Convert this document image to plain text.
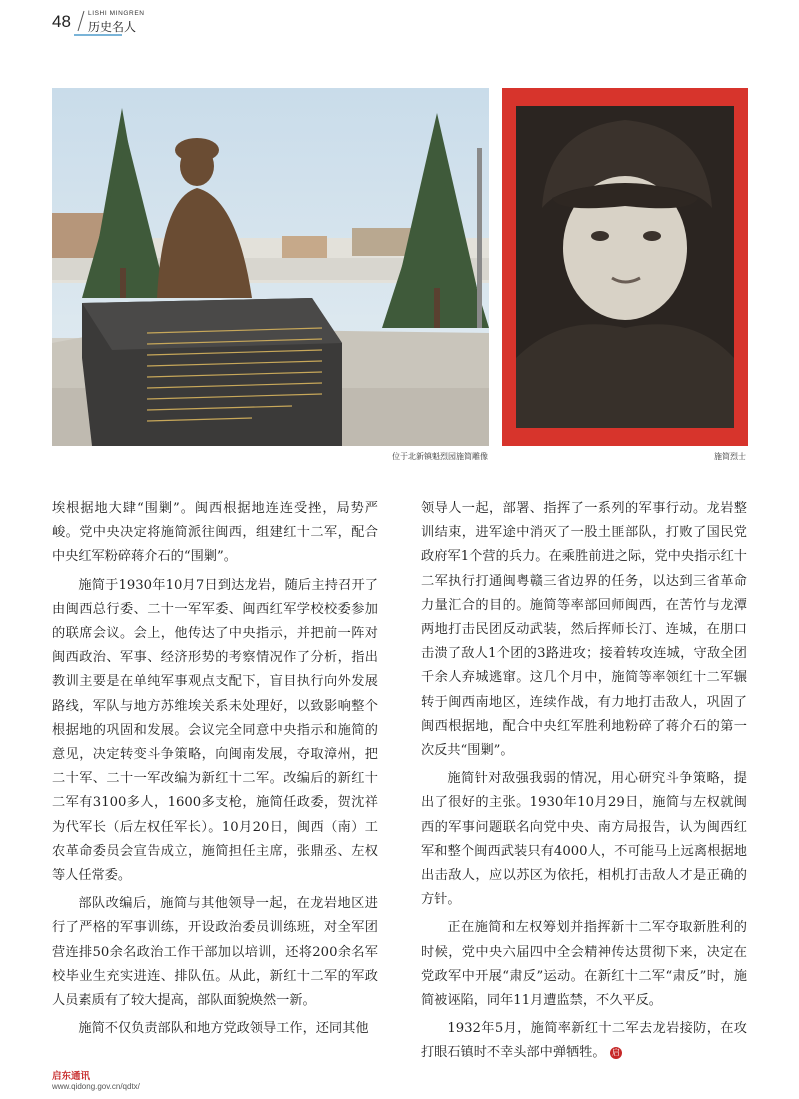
48	LISHI MINGREN
历史名人
位于北新镇魁烈园施简雕像	施简烈士

埃根据地大肆“围剿”。闽西根据地连连受挫，局势严峻。党中央决定将施简派往闽西，组建红十二军，配合中央红军粉碎蒋介石的“围剿”。

施简于1930年10月7日到达龙岩，随后主持召开了由闽西总行委、二十一军军委、闽西红军学校校委参加的联席会议。会上，他传达了中央指示，并把前一阵对闽西政治、军事、经济形势的考察情况作了分析，指出教训主要是在单纯军事观点支配下，盲目执行向外发展路线，军队与地方苏维埃关系未处理好，以致影响整个根据地的巩固和发展。会议完全同意中央指示和施简的意见，决定转变斗争策略，向闽南发展，夺取漳州，把二十军、二十一军改编为新红十二军。改编后的新红十二军有3100多人，1600多支枪，施简任政委，贺沈祥为代军长（后左权任军长）。10月20日，闽西（南）工农革命委员会宣告成立，施简担任主席，张鼎丞、左权等人任常委。

部队改编后，施简与其他领导一起，在龙岩地区进行了严格的军事训练，开设政治委员训练班，对全军团营连排50余名政治工作干部加以培训，还将200余名军校毕业生充实进连、排队伍。从此，新红十二军的军政人员素质有了较大提高，部队面貌焕然一新。

施简不仅负责部队和地方党政领导工作，还同其他

领导人一起，部署、指挥了一系列的军事行动。龙岩整训结束，进军途中消灭了一股土匪部队，打败了国民党政府军1个营的兵力。在乘胜前进之际，党中央指示红十二军执行打通闽粤赣三省边界的任务，以达到三省革命力量汇合的目的。施简等率部回师闽西，在苦竹与龙潭两地打击民团反动武装，然后挥师长汀、连城，在朋口击溃了敌人1个团的3路进攻；接着转攻连城，守敌全团千余人弃城逃窜。这几个月中，施简等率领红十二军辗转于闽西南地区，连续作战，有力地打击敌人，巩固了闽西根据地，配合中央红军胜利地粉碎了蒋介石的第一次反共“围剿”。

施简针对敌强我弱的情况，用心研究斗争策略，提出了很好的主张。1930年10月29日，施简与左权就闽西的军事问题联名向党中央、南方局报告，认为闽西红军和整个闽西武装只有4000人，不可能马上远离根据地出击敌人，应以苏区为依托，相机打击敌人才是正确的方针。

正在施简和左权筹划并指挥新十二军夺取新胜利的时候，党中央六届四中全会精神传达贯彻下来，决定在党政军中开展“肃反”运动。在新红十二军“肃反”时，施简被诬陷，同年11月遭监禁，不久平反。

1932年5月，施简率新红十二军去龙岩接防，在攻打眼石镇时不幸头部中弹牺牲。 启

启东通讯
www.qidong.gov.cn/qdtx/
